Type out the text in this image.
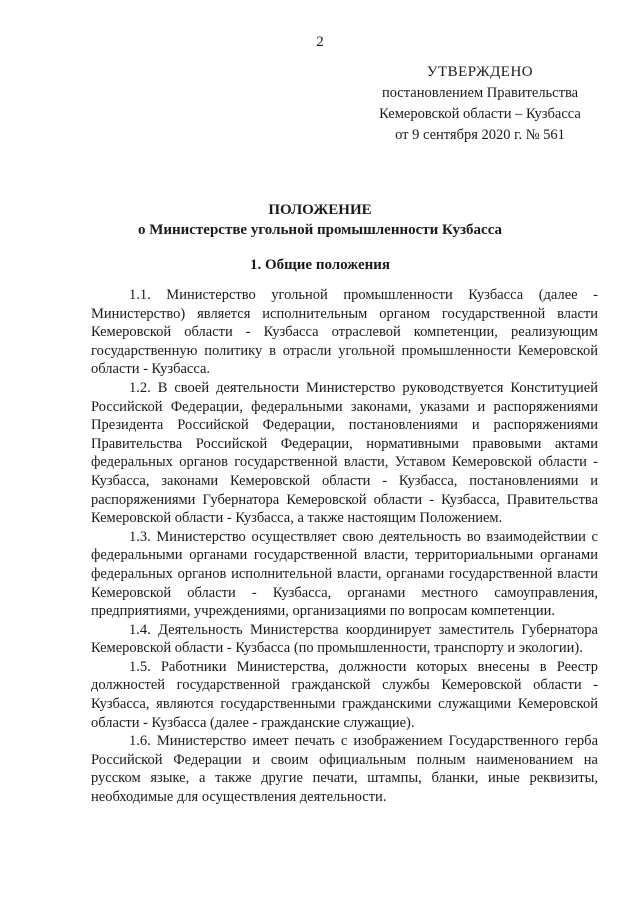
2
УТВЕРЖДЕНО
постановлением Правительства
Кемеровской области – Кузбасса
от 9 сентября 2020 г. № 561
ПОЛОЖЕНИЕ
о Министерстве угольной промышленности Кузбасса
1. Общие положения

1.1. Министерство угольной промышленности Кузбасса (далее - Министерство) является исполнительным органом государственной власти Кемеровской области - Кузбасса отраслевой компетенции, реализующим государственную политику в отрасли угольной промышленности Кемеровской области - Кузбасса.

1.2. В своей деятельности Министерство руководствуется Конституцией Российской Федерации, федеральными законами, указами и распоряжениями Президента Российской Федерации, постановлениями и распоряжениями Правительства Российской Федерации, нормативными правовыми актами федеральных органов государственной власти, Уставом Кемеровской области - Кузбасса, законами Кемеровской области - Кузбасса, постановлениями и распоряжениями Губернатора Кемеровской области - Кузбасса, Правительства Кемеровской области - Кузбасса, а также настоящим Положением.

1.3. Министерство осуществляет свою деятельность во взаимодействии с федеральными органами государственной власти, территориальными органами федеральных органов исполнительной власти, органами государственной власти Кемеровской области - Кузбасса, органами местного самоуправления, предприятиями, учреждениями, организациями по вопросам компетенции.

1.4. Деятельность Министерства координирует заместитель Губернатора Кемеровской области - Кузбасса (по промышленности, транспорту и экологии).

1.5. Работники Министерства, должности которых внесены в Реестр должностей государственной гражданской службы Кемеровской области - Кузбасса, являются государственными гражданскими служащими Кемеровской области - Кузбасса (далее - гражданские служащие).

1.6. Министерство имеет печать с изображением Государственного герба Российской Федерации и своим официальным полным наименованием на русском языке, а также другие печати, штампы, бланки, иные реквизиты, необходимые для осуществления деятельности.
